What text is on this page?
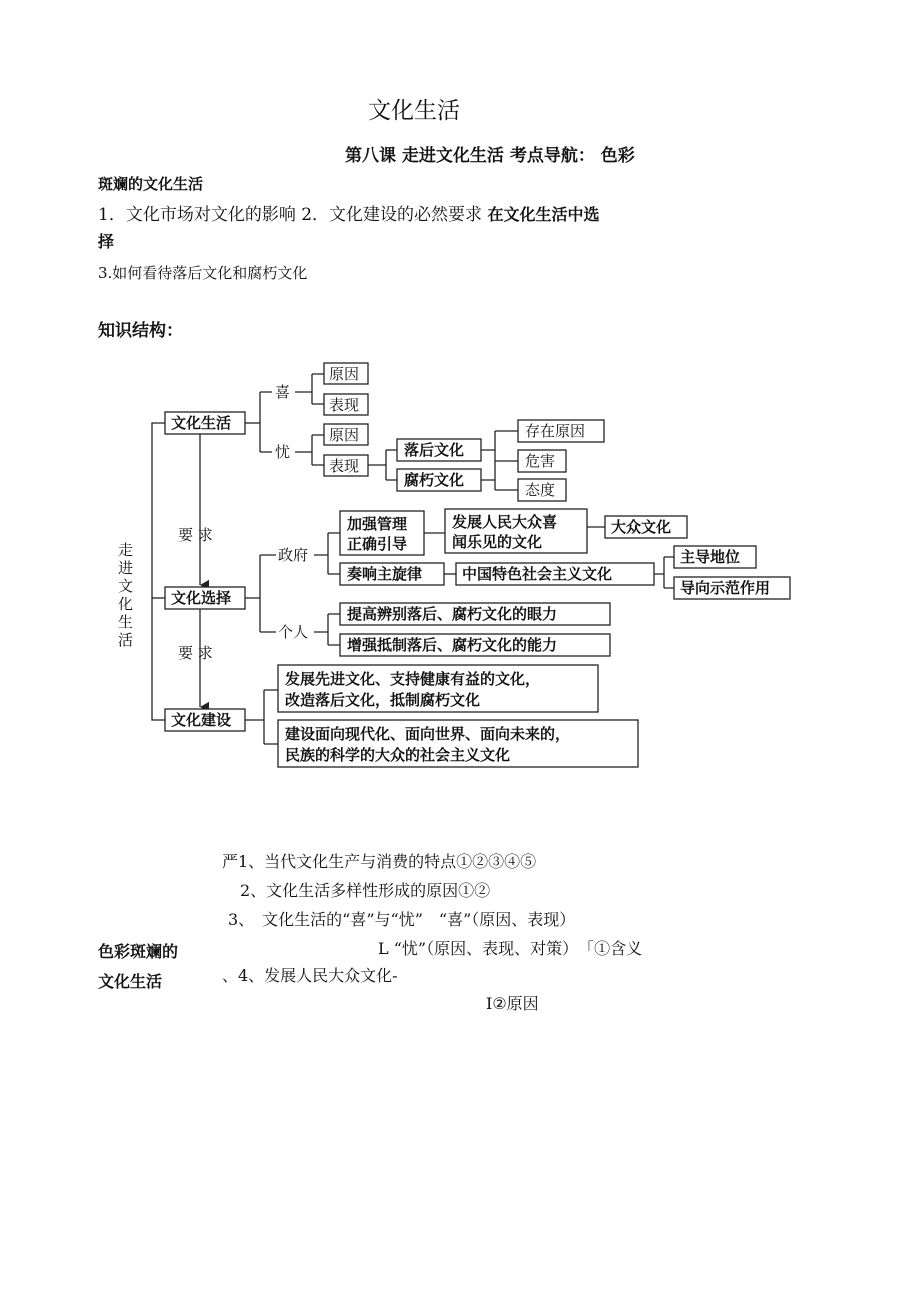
文化生活
第八课 走进文化生活 考点导航： 色彩
斑斓的文化生活
1．文化市场对文化的影响 2．文化建设的必然要求 在文化生活中选
择
3.如何看待落后文化和腐朽文化
知识结构：
走
进
文
化
生
活
文化生活
喜
忧
原因
表现
原因
表现
落后文化
腐朽文化
存在原因
危害
态度
要 求
文化选择
政府
个人
加强管理
正确引导
发展人民大众喜
闻乐见的文化
大众文化
奏响主旋律	中国特色社会主义文化
主导地位
导向示范作用
提高辨别落后、腐朽文化的眼力
增强抵制落后、腐朽文化的能力
要 求
文化建设
发展先进文化、支持健康有益的文化，
改造落后文化，抵制腐朽文化
建设面向现代化、面向世界、面向未来的，
民族的科学的大众的社会主义文化
严1、当代文化生产与消费的特点①②③④⑤
2、文化生活多样性形成的原因①②
3、　文化生活的“喜”与“忧”　“喜”（原因、表现）
色彩斑斓的
文化生活
L “忧”（原因、表现、对策）　「①含义
、4、发展人民大众文化-
I②原因
